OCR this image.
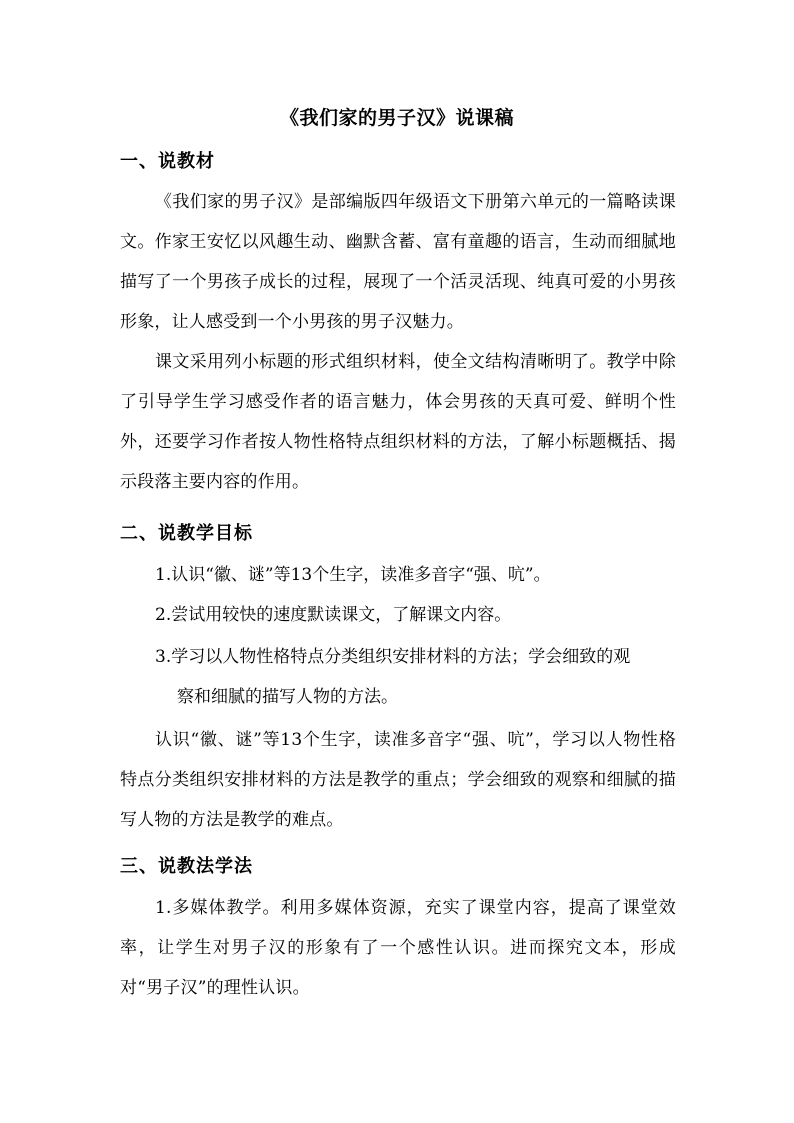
《我们家的男子汉》说课稿
一、说教材
《我们家的男子汉》是部编版四年级语文下册第六单元的一篇略读课文。作家王安忆以风趣生动、幽默含蓄、富有童趣的语言，生动而细腻地描写了一个男孩子成长的过程，展现了一个活灵活现、纯真可爱的小男孩形象，让人感受到一个小男孩的男子汉魅力。
课文采用列小标题的形式组织材料，使全文结构清晰明了。教学中除了引导学生学习感受作者的语言魅力，体会男孩的天真可爱、鲜明个性外，还要学习作者按人物性格特点组织材料的方法，了解小标题概括、揭示段落主要内容的作用。
二、说教学目标
1.认识“徽、谜”等13个生字，读准多音字“强、吭”。
2.尝试用较快的速度默读课文，了解课文内容。
3.学习以人物性格特点分类组织安排材料的方法；学会细致的观
察和细腻的描写人物的方法。
认识“徽、谜”等13个生字，读准多音字“强、吭”，学习以人物性格特点分类组织安排材料的方法是教学的重点；学会细致的观察和细腻的描写人物的方法是教学的难点。
三、说教法学法
1.多媒体教学。利用多媒体资源，充实了课堂内容，提高了课堂效率，让学生对男子汉的形象有了一个感性认识。进而探究文本，形成对“男子汉”的理性认识。
